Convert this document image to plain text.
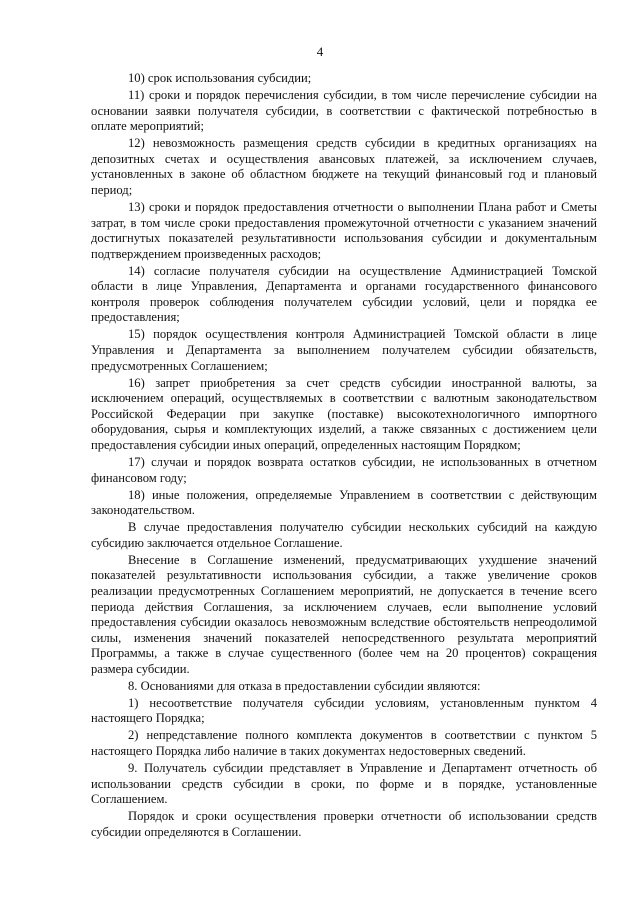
4

10) срок использования субсидии;

11) сроки и порядок перечисления субсидии, в том числе перечисление субсидии на основании заявки получателя субсидии, в соответствии с фактической потребностью в оплате мероприятий;

12) невозможность размещения средств субсидии в кредитных организациях на депозитных счетах и осуществления авансовых платежей, за исключением случаев, установленных в законе об областном бюджете на текущий финансовый год и плановый период;

13) сроки и порядок предоставления отчетности о выполнении Плана работ и Сметы затрат, в том числе сроки предоставления промежуточной отчетности с указанием значений достигнутых показателей результативности использования субсидии и документальным подтверждением произведенных расходов;

14) согласие получателя субсидии на осуществление Администрацией Томской области в лице Управления, Департамента и органами государственного финансового контроля проверок соблюдения получателем субсидии условий, цели и порядка ее предоставления;

15) порядок осуществления контроля Администрацией Томской области в лице Управления и Департамента за выполнением получателем субсидии обязательств, предусмотренных Соглашением;

16) запрет приобретения за счет средств субсидии иностранной валюты, за исключением операций, осуществляемых в соответствии с валютным законодательством Российской Федерации при закупке (поставке) высокотехнологичного импортного оборудования, сырья и комплектующих изделий, а также связанных с достижением цели предоставления субсидии иных операций, определенных настоящим Порядком;

17) случаи и порядок возврата остатков субсидии, не использованных в отчетном финансовом году;

18) иные положения, определяемые Управлением в соответствии с действующим законодательством.

В случае предоставления получателю субсидии нескольких субсидий на каждую субсидию заключается отдельное Соглашение.

Внесение в Соглашение изменений, предусматривающих ухудшение значений показателей результативности использования субсидии, а также увеличение сроков реализации предусмотренных Соглашением мероприятий, не допускается в течение всего периода действия Соглашения, за исключением случаев, если выполнение условий предоставления субсидии оказалось невозможным вследствие обстоятельств непреодолимой силы, изменения значений показателей непосредственного результата мероприятий Программы, а также в случае существенного (более чем на 20 процентов) сокращения размера субсидии.

8. Основаниями для отказа в предоставлении субсидии являются:

1) несоответствие получателя субсидии условиям, установленным пунктом 4 настоящего Порядка;

2) непредставление полного комплекта документов в соответствии с пунктом 5 настоящего Порядка либо наличие в таких документах недостоверных сведений.

9. Получатель субсидии представляет в Управление и Департамент отчетность об использовании средств субсидии в сроки, по форме и в порядке, установленные Соглашением.

Порядок и сроки осуществления проверки отчетности об использовании средств субсидии определяются в Соглашении.
